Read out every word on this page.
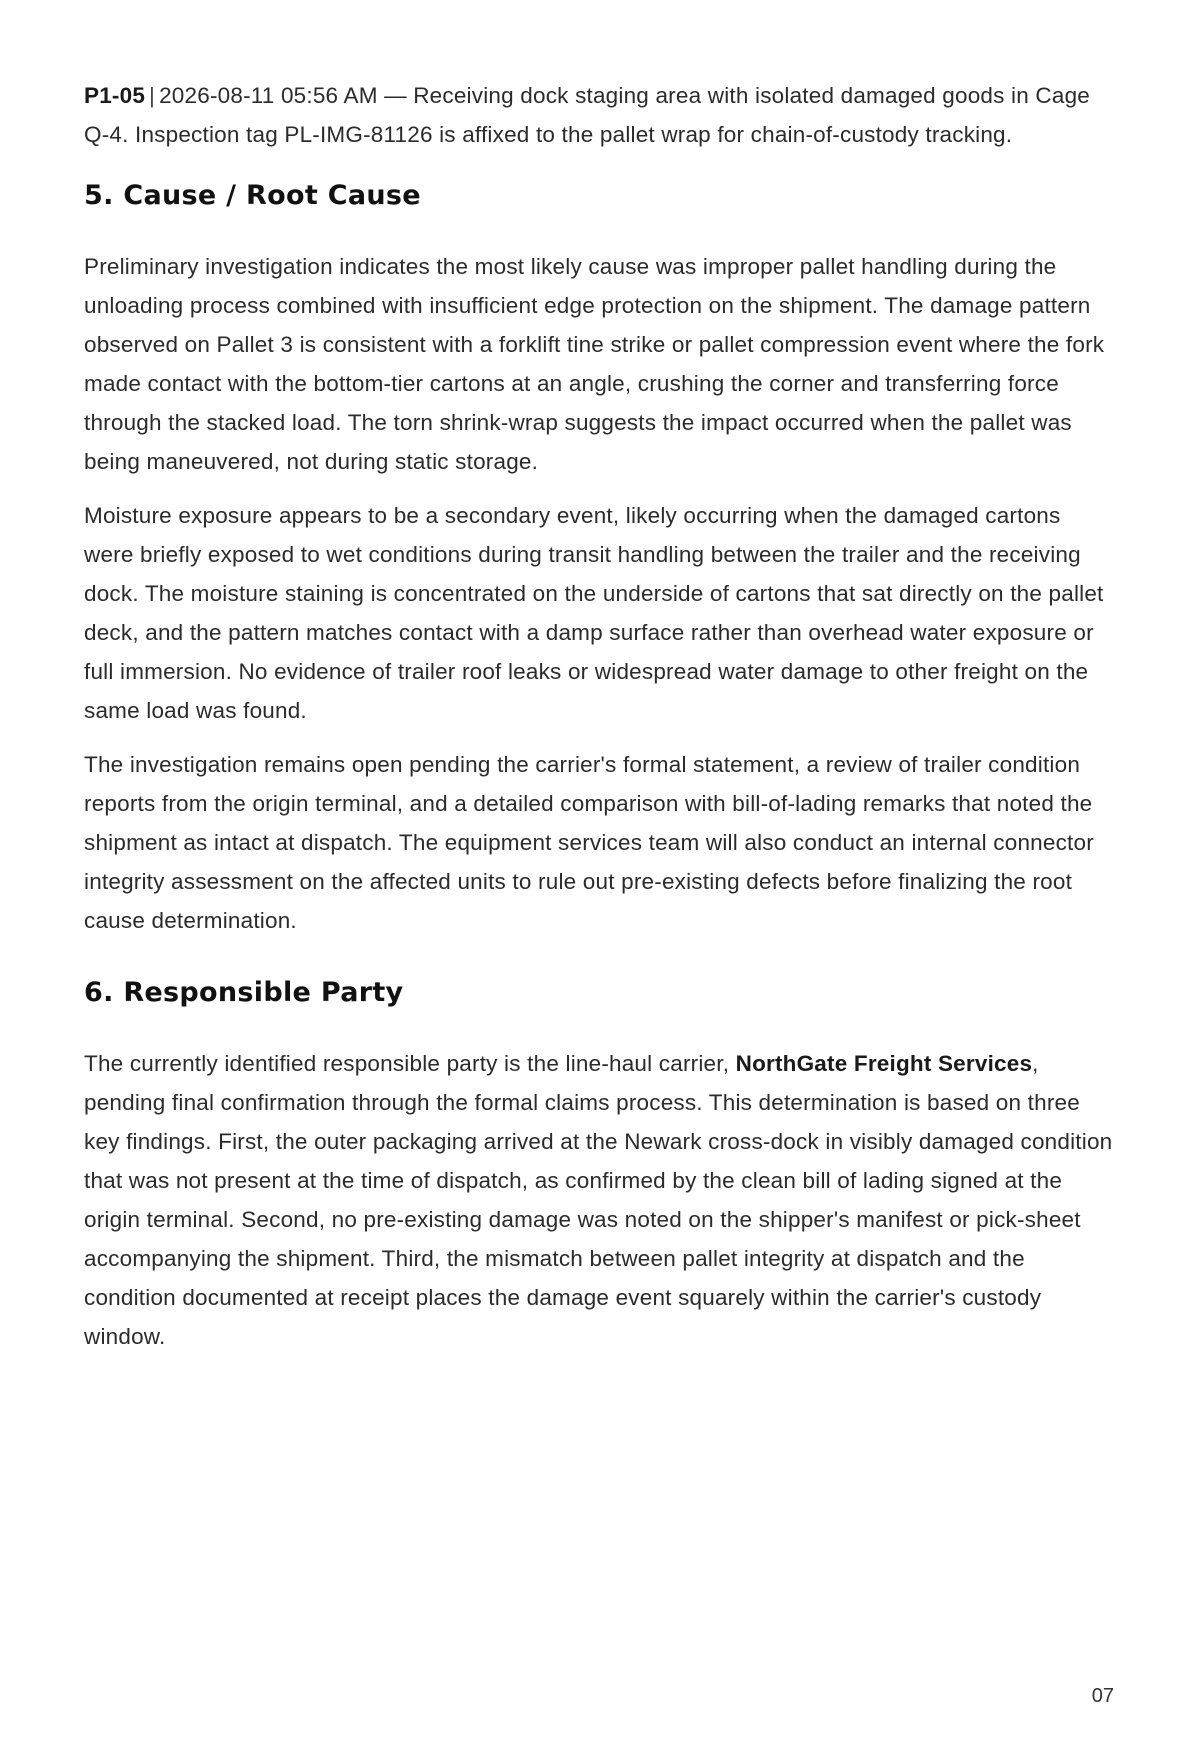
P1-05 | 2026-08-11 05:56 AM — Receiving dock staging area with isolated damaged goods in Cage Q-4. Inspection tag PL-IMG-81126 is affixed to the pallet wrap for chain-of-custody tracking.

5. Cause / Root Cause

Preliminary investigation indicates the most likely cause was improper pallet handling during the unloading process combined with insufficient edge protection on the shipment. The damage pattern observed on Pallet 3 is consistent with a forklift tine strike or pallet compression event where the fork made contact with the bottom-tier cartons at an angle, crushing the corner and transferring force through the stacked load. The torn shrink-wrap suggests the impact occurred when the pallet was being maneuvered, not during static storage.

Moisture exposure appears to be a secondary event, likely occurring when the damaged cartons were briefly exposed to wet conditions during transit handling between the trailer and the receiving dock. The moisture staining is concentrated on the underside of cartons that sat directly on the pallet deck, and the pattern matches contact with a damp surface rather than overhead water exposure or full immersion. No evidence of trailer roof leaks or widespread water damage to other freight on the same load was found.

The investigation remains open pending the carrier's formal statement, a review of trailer condition reports from the origin terminal, and a detailed comparison with bill-of-lading remarks that noted the shipment as intact at dispatch. The equipment services team will also conduct an internal connector integrity assessment on the affected units to rule out pre-existing defects before finalizing the root cause determination.

6. Responsible Party

The currently identified responsible party is the line-haul carrier, NorthGate Freight Services, pending final confirmation through the formal claims process. This determination is based on three key findings. First, the outer packaging arrived at the Newark cross-dock in visibly damaged condition that was not present at the time of dispatch, as confirmed by the clean bill of lading signed at the origin terminal. Second, no pre-existing damage was noted on the shipper's manifest or pick-sheet accompanying the shipment. Third, the mismatch between pallet integrity at dispatch and the condition documented at receipt places the damage event squarely within the carrier's custody window.

07
